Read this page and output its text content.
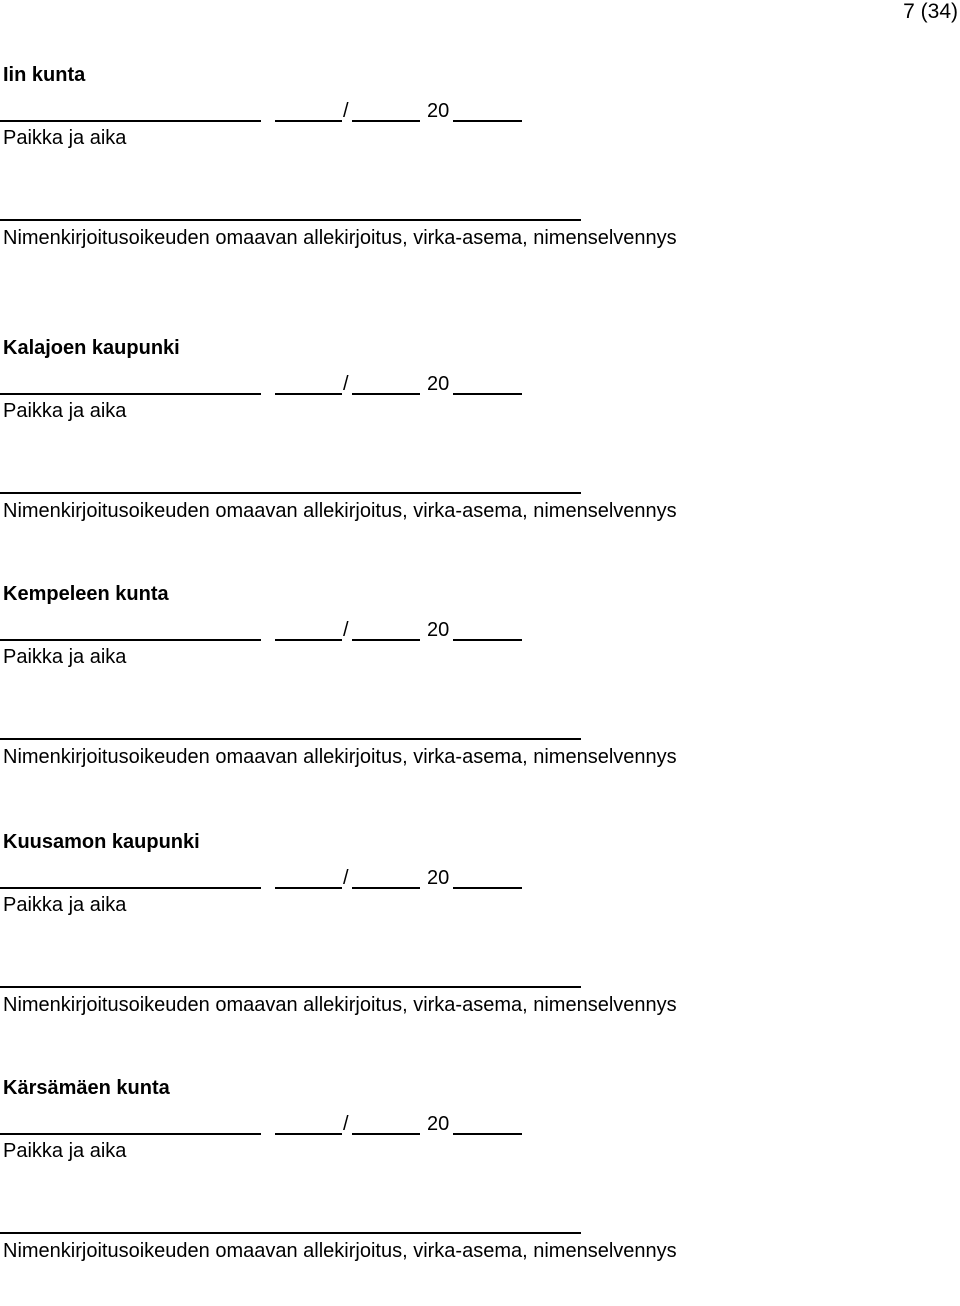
7 (34)
Iin kunta
/	20
Paikka ja aika
Nimenkirjoitusoikeuden omaavan allekirjoitus, virka-asema, nimenselvennys
Kalajoen kaupunki
/	20
Paikka ja aika
Nimenkirjoitusoikeuden omaavan allekirjoitus, virka-asema, nimenselvennys
Kempeleen kunta
/	20
Paikka ja aika
Nimenkirjoitusoikeuden omaavan allekirjoitus, virka-asema, nimenselvennys
Kuusamon kaupunki
/	20
Paikka ja aika
Nimenkirjoitusoikeuden omaavan allekirjoitus, virka-asema, nimenselvennys
Kärsämäen kunta
/	20
Paikka ja aika
Nimenkirjoitusoikeuden omaavan allekirjoitus, virka-asema, nimenselvennys
